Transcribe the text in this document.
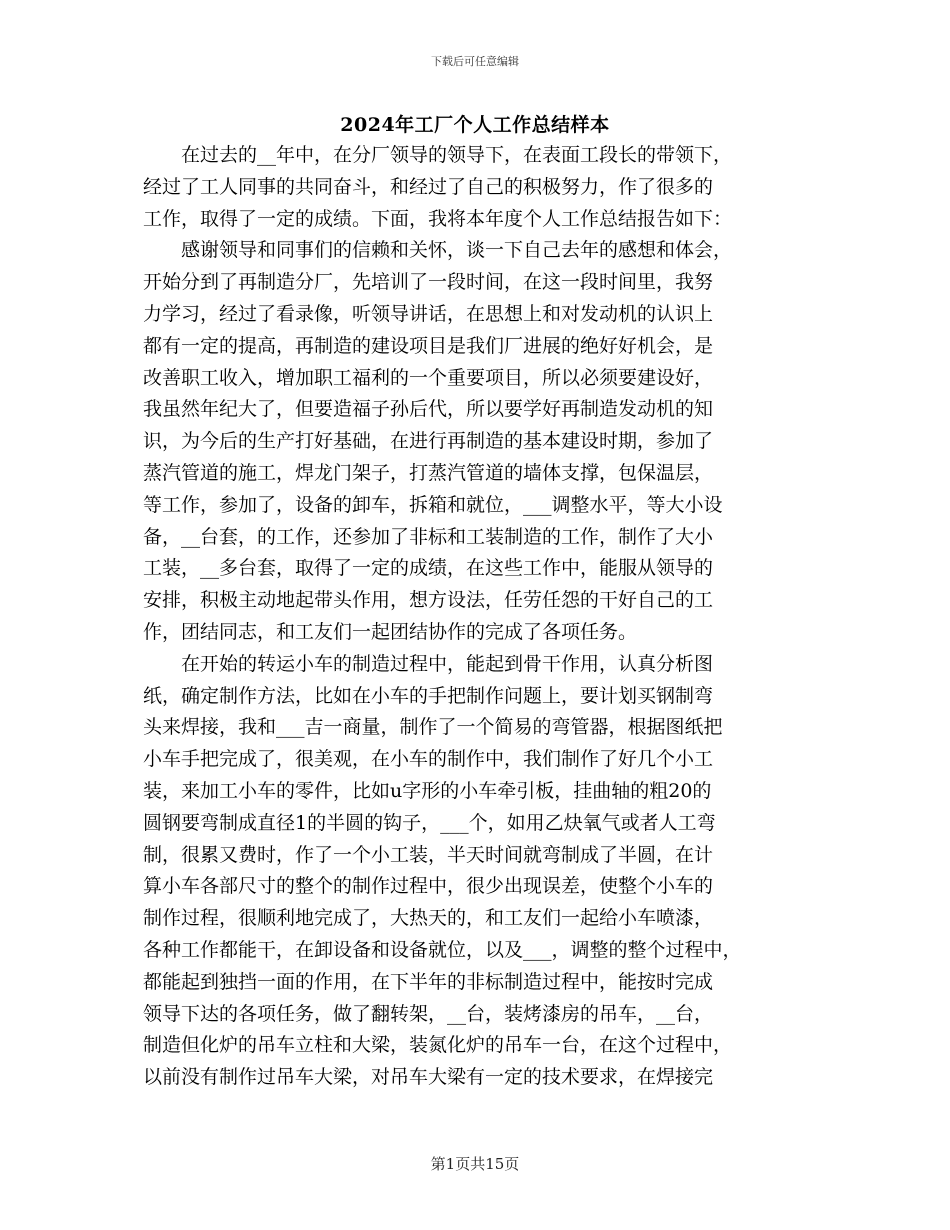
下载后可任意编辑
2024年工厂个人工作总结样本
　　在过去的__年中，在分厂领导的领导下，在表面工段长的带领下，
经过了工人同事的共同奋斗，和经过了自己的积极努力，作了很多的
工作，取得了一定的成绩。下面，我将本年度个人工作总结报告如下：
　　感谢领导和同事们的信赖和关怀，谈一下自己去年的感想和体会，
开始分到了再制造分厂，先培训了一段时间，在这一段时间里，我努
力学习，经过了看录像，听领导讲话，在思想上和对发动机的认识上
都有一定的提高，再制造的建设项目是我们厂进展的绝好好机会，是
改善职工收入，增加职工福利的一个重要项目，所以必须要建设好，
我虽然年纪大了，但要造福子孙后代，所以要学好再制造发动机的知
识，为今后的生产打好基础，在进行再制造的基本建设时期，参加了
蒸汽管道的施工，焊龙门架子，打蒸汽管道的墙体支撑，包保温层，
等工作，参加了，设备的卸车，拆箱和就位，___调整水平，等大小设
备，__台套，的工作，还参加了非标和工装制造的工作，制作了大小
工装，__多台套，取得了一定的成绩，在这些工作中，能服从领导的
安排，积极主动地起带头作用，想方设法，任劳任怨的干好自己的工
作，团结同志，和工友们一起团结协作的完成了各项任务。
　　在开始的转运小车的制造过程中，能起到骨干作用，认真分析图
纸，确定制作方法，比如在小车的手把制作问题上，要计划买钢制弯
头来焊接，我和___吉一商量，制作了一个简易的弯管器，根据图纸把
小车手把完成了，很美观，在小车的制作中，我们制作了好几个小工
装，来加工小车的零件，比如u字形的小车牵引板，挂曲轴的粗20的
圆钢要弯制成直径1的半圆的钩子，___个，如用乙炔氧气或者人工弯
制，很累又费时，作了一个小工装，半天时间就弯制成了半圆，在计
算小车各部尺寸的整个的制作过程中，很少出现误差，使整个小车的
制作过程，很顺利地完成了，大热天的，和工友们一起给小车喷漆，
各种工作都能干，在卸设备和设备就位，以及___，调整的整个过程中，
都能起到独挡一面的作用，在下半年的非标制造过程中，能按时完成
领导下达的各项任务，做了翻转架，__台，装烤漆房的吊车，__台，
制造但化炉的吊车立柱和大梁，装氮化炉的吊车一台，在这个过程中，
以前没有制作过吊车大梁，对吊车大梁有一定的技术要求，在焊接完
第1页共15页
